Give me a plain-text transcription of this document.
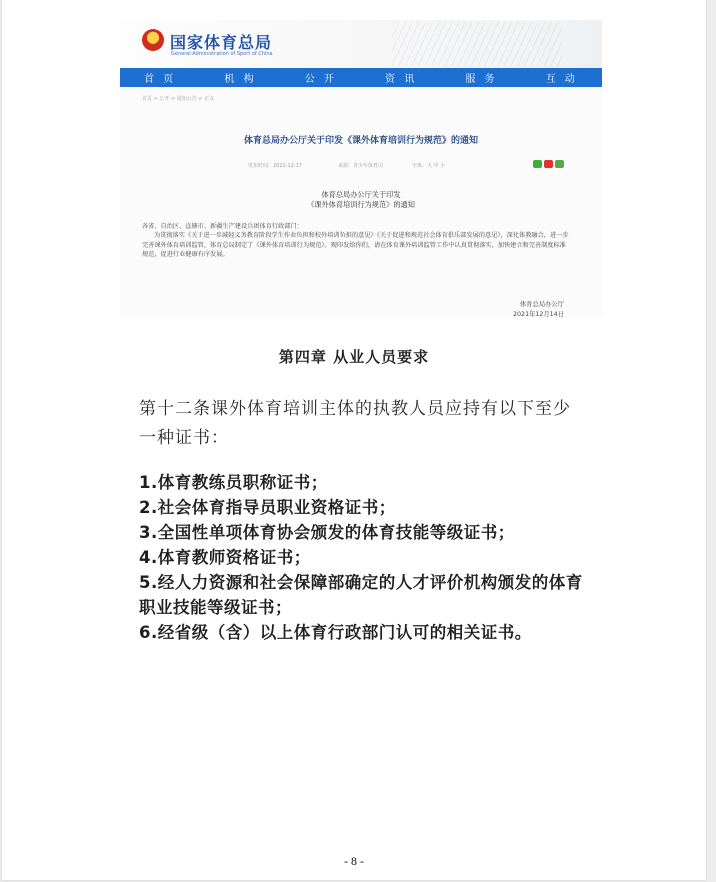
国家体育总局
General Administration of Sport of China
首 页	机 构	公 开	资 讯	服 务	互 动
首页 > 公开 > 通知公告 > 正文
体育总局办公厅关于印发《课外体育培训行为规范》的通知
发布时间：2021-12-17	来源：青少年体育司	字体：大 中 小
体育总局办公厅关于印发
《课外体育培训行为规范》的通知
各省、自治区、直辖市、新疆生产建设兵团体育行政部门：
为贯彻落实《关于进一步减轻义务教育阶段学生作业负担和校外培训负担的意见》《关于促进和规范社会体育俱乐部发展的意见》，深化体教融合，进一步完善课外体育培训监管，体育总局制定了《课外体育培训行为规范》。现印发给你们，请在体育课外培训监管工作中认真贯彻落实，加快建立和完善制度标准规范，促进行业健康有序发展。
体育总局办公厅
2021年12月14日
第四章 从业人员要求
第十二条课外体育培训主体的执教人员应持有以下至少一种证书：
1.体育教练员职称证书；
2.社会体育指导员职业资格证书；
3.全国性单项体育协会颁发的体育技能等级证书；
4.体育教师资格证书；
5.经人力资源和社会保障部确定的人才评价机构颁发的体育职业技能等级证书；
6.经省级（含）以上体育行政部门认可的相关证书。
- 8 -
